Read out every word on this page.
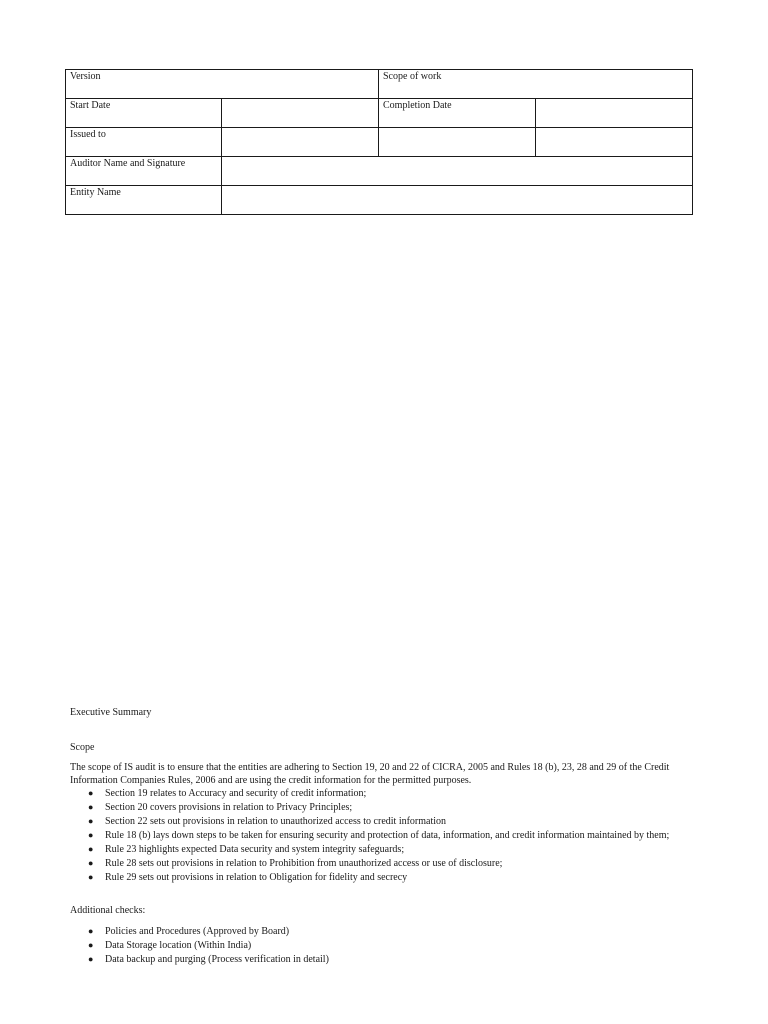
Version		Scope of work	
Start Date		Completion Date	
Issued to			
Auditor Name and Signature			
Entity Name			

Executive Summary

Scope

The scope of IS audit is to ensure that the entities are adhering to Section 19, 20 and 22 of CICRA, 2005 and Rules 18 (b), 23, 28 and 29 of the Credit Information Companies Rules, 2006 and are using the credit information for the permitted purposes.

● Section 19 relates to Accuracy and security of credit information;
● Section 20 covers provisions in relation to Privacy Principles;
● Section 22 sets out provisions in relation to unauthorized access to credit information
● Rule 18 (b) lays down steps to be taken for ensuring security and protection of data, information, and credit information maintained by them;
● Rule 23 highlights expected Data security and system integrity safeguards;
● Rule 28 sets out provisions in relation to Prohibition from unauthorized access or use of disclosure;
● Rule 29 sets out provisions in relation to Obligation for fidelity and secrecy

Additional checks:

● Policies and Procedures (Approved by Board)
● Data Storage location (Within India)
● Data backup and purging (Process verification in detail)
